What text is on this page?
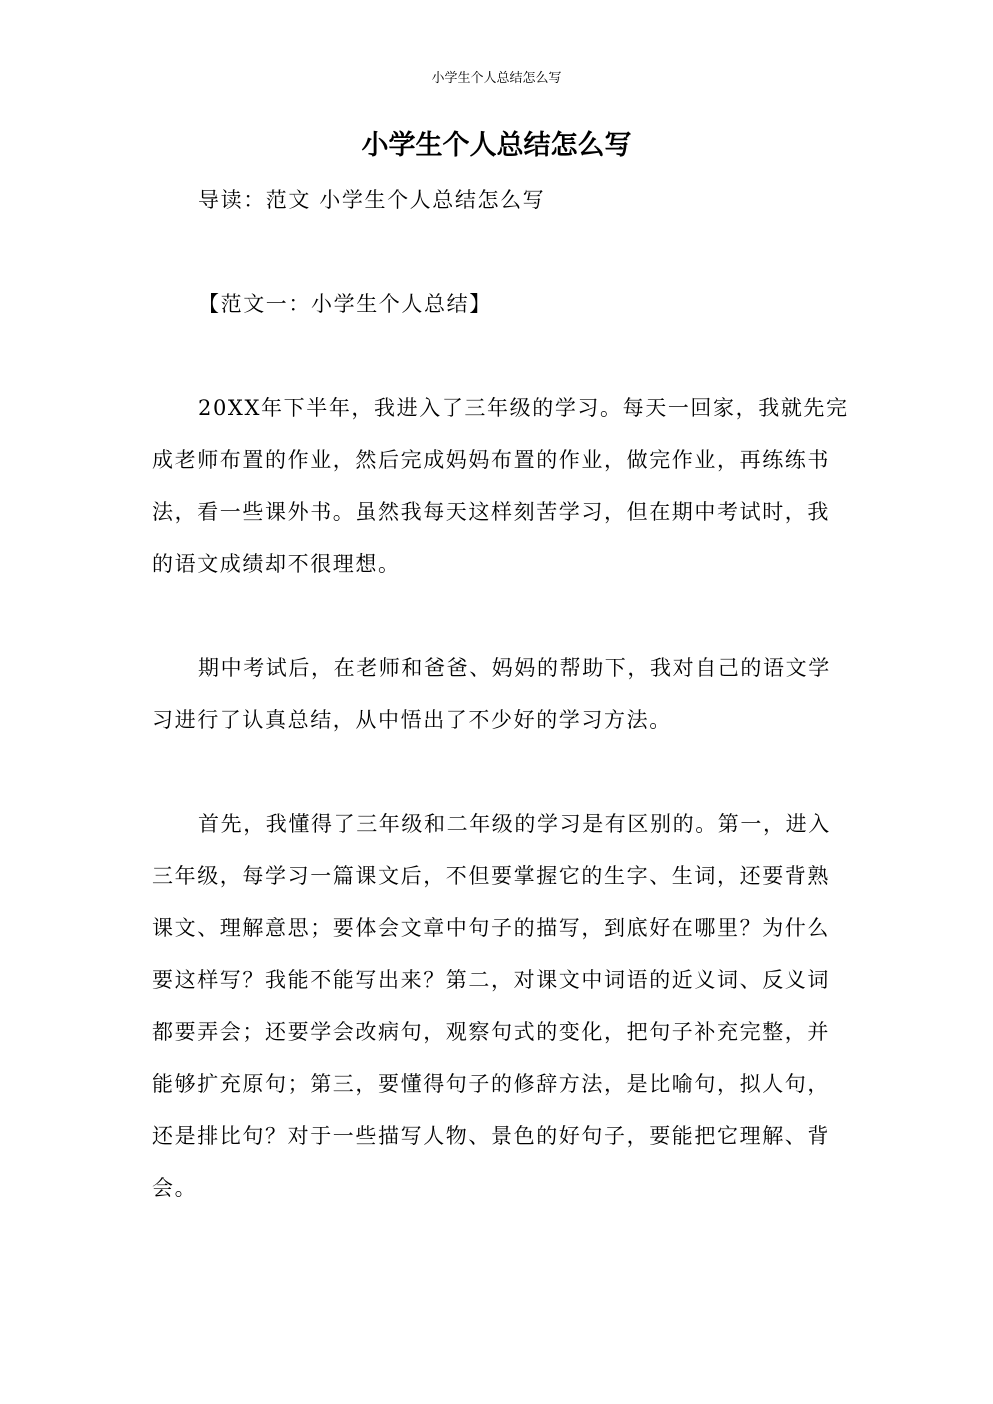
小学生个人总结怎么写
小学生个人总结怎么写
导读：范文 小学生个人总结怎么写
【范文一：小学生个人总结】

20XX年下半年，我进入了三年级的学习。每天一回家，我就先完成老师布置的作业，然后完成妈妈布置的作业，做完作业，再练练书法，看一些课外书。虽然我每天这样刻苦学习，但在期中考试时，我的语文成绩却不很理想。

期中考试后，在老师和爸爸、妈妈的帮助下，我对自己的语文学习进行了认真总结，从中悟出了不少好的学习方法。

首先，我懂得了三年级和二年级的学习是有区别的。第一，进入三年级，每学习一篇课文后，不但要掌握它的生字、生词，还要背熟课文、理解意思；要体会文章中句子的描写，到底好在哪里？为什么要这样写？我能不能写出来？第二，对课文中词语的近义词、反义词都要弄会；还要学会改病句，观察句式的变化，把句子补充完整，并能够扩充原句；第三，要懂得句子的修辞方法，是比喻句，拟人句，还是排比句？对于一些描写人物、景色的好句子，要能把它理解、背会。
